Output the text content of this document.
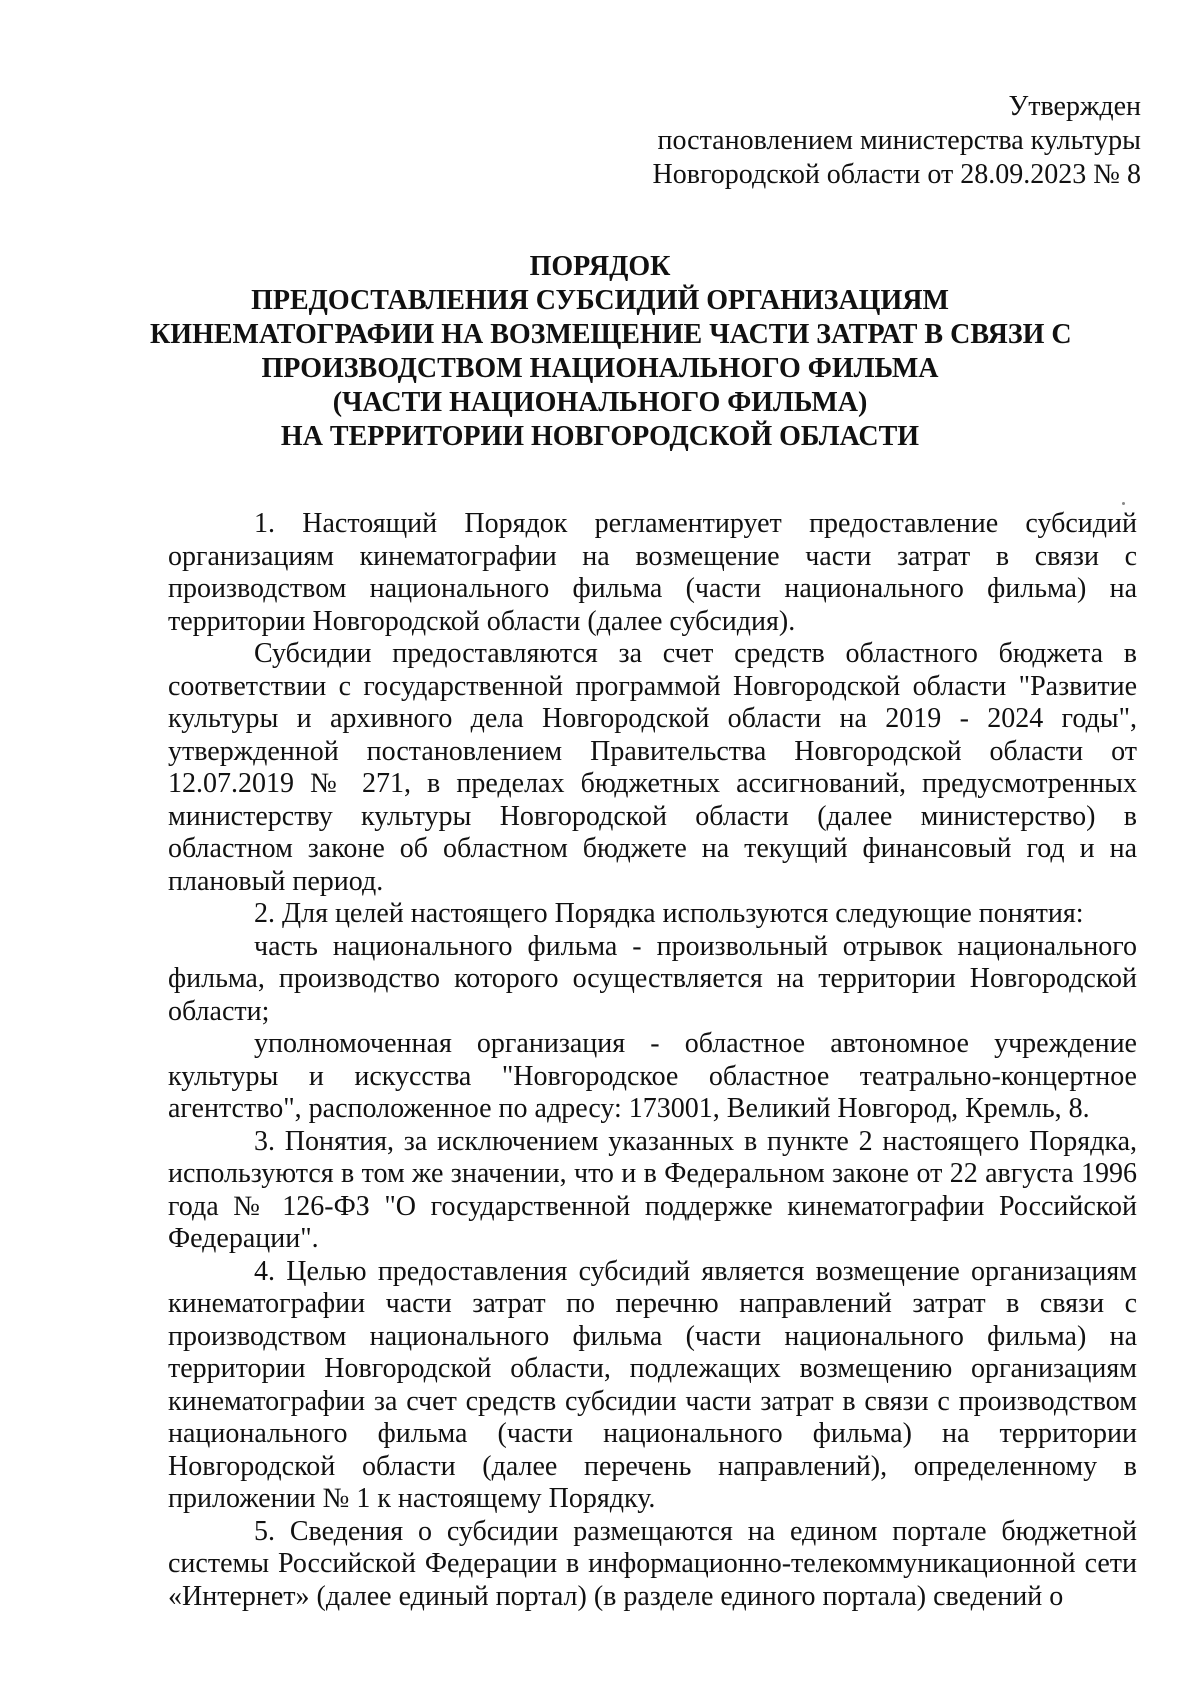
Утвержден
постановлением министерства культуры
Новгородской области от 28.09.2023 № 8
ПОРЯДОК
ПРЕДОСТАВЛЕНИЯ СУБСИДИЙ ОРГАНИЗАЦИЯМ
КИНЕМАТОГРАФИИ НА ВОЗМЕЩЕНИЕ ЧАСТИ ЗАТРАТ В СВЯЗИ С
ПРОИЗВОДСТВОМ НАЦИОНАЛЬНОГО ФИЛЬМА
(ЧАСТИ НАЦИОНАЛЬНОГО ФИЛЬМА)
НА ТЕРРИТОРИИ НОВГОРОДСКОЙ ОБЛАСТИ

1. Настоящий Порядок регламентирует предоставление субсидий организациям кинематографии на возмещение части затрат в связи с производством национального фильма (части национального фильма) на территории Новгородской области (далее субсидия).

Субсидии предоставляются за счет средств областного бюджета в соответствии с государственной программой Новгородской области "Развитие культуры и архивного дела Новгородской области на 2019 - 2024 годы", утвержденной постановлением Правительства Новгородской области от 12.07.2019 № 271, в пределах бюджетных ассигнований, предусмотренных министерству культуры Новгородской области (далее министерство) в областном законе об областном бюджете на текущий финансовый год и на плановый период.

2. Для целей настоящего Порядка используются следующие понятия:

часть национального фильма - произвольный отрывок национального фильма, производство которого осуществляется на территории Новгородской области;

уполномоченная организация - областное автономное учреждение культуры и искусства "Новгородское областное театрально-концертное агентство", расположенное по адресу: 173001, Великий Новгород, Кремль, 8.

3. Понятия, за исключением указанных в пункте 2 настоящего Порядка, используются в том же значении, что и в Федеральном законе от 22 августа 1996 года № 126-ФЗ "О государственной поддержке кинематографии Российской Федерации".

4. Целью предоставления субсидий является возмещение организациям кинематографии части затрат по перечню направлений затрат в связи с производством национального фильма (части национального фильма) на территории Новгородской области, подлежащих возмещению организациям кинематографии за счет средств субсидии части затрат в связи с производством национального фильма (части национального фильма) на территории Новгородской области (далее перечень направлений), определенному в приложении № 1 к настоящему Порядку.

5. Сведения о субсидии размещаются на едином портале бюджетной системы Российской Федерации в информационно-телекоммуникационной сети «Интернет» (далее единый портал) (в разделе единого портала) сведений о
